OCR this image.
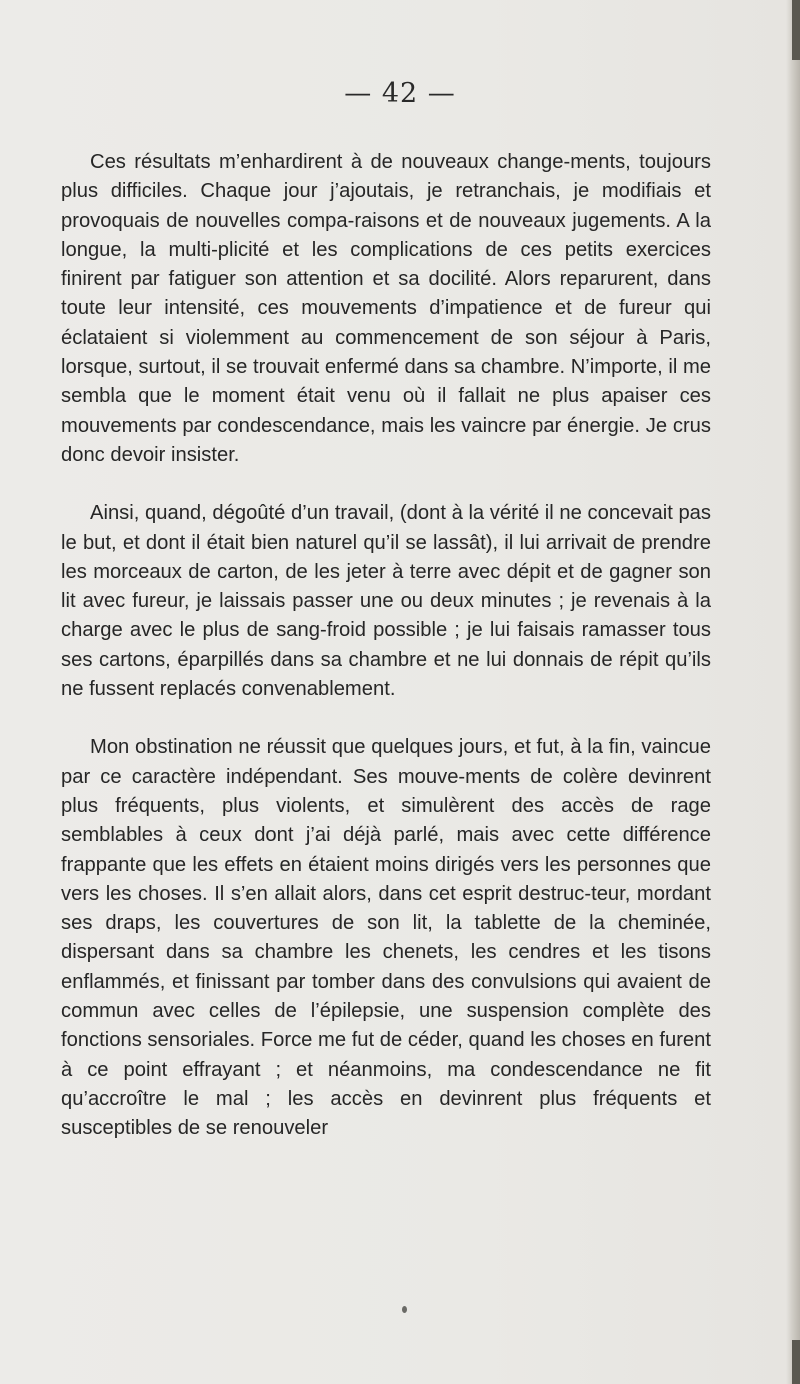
— 42 —

Ces résultats m’enhardirent à de nouveaux change-ments, toujours plus difficiles. Chaque jour j’ajoutais, je retranchais, je modifiais et provoquais de nouvelles compa-raisons et de nouveaux jugements. A la longue, la multi-plicité et les complications de ces petits exercices finirent par fatiguer son attention et sa docilité. Alors reparurent, dans toute leur intensité, ces mouvements d’impatience et de fureur qui éclataient si violemment au commencement de son séjour à Paris, lorsque, surtout, il se trouvait enfermé dans sa chambre. N’importe, il me sembla que le moment était venu où il fallait ne plus apaiser ces mouvements par condescendance, mais les vaincre par énergie. Je crus donc devoir insister.

Ainsi, quand, dégoûté d’un travail, (dont à la vérité il ne concevait pas le but, et dont il était bien naturel qu’il se lassât), il lui arrivait de prendre les morceaux de carton, de les jeter à terre avec dépit et de gagner son lit avec fureur, je laissais passer une ou deux minutes ; je revenais à la charge avec le plus de sang-froid possible ; je lui faisais ramasser tous ses cartons, éparpillés dans sa chambre et ne lui donnais de répit qu’ils ne fussent replacés convenablement.

Mon obstination ne réussit que quelques jours, et fut, à la fin, vaincue par ce caractère indépendant. Ses mouve-ments de colère devinrent plus fréquents, plus violents, et simulèrent des accès de rage semblables à ceux dont j’ai déjà parlé, mais avec cette différence frappante que les effets en étaient moins dirigés vers les personnes que vers les choses. Il s’en allait alors, dans cet esprit destruc-teur, mordant ses draps, les couvertures de son lit, la tablette de la cheminée, dispersant dans sa chambre les chenets, les cendres et les tisons enflammés, et finissant par tomber dans des convulsions qui avaient de commun avec celles de l’épilepsie, une suspension complète des fonctions sensoriales. Force me fut de céder, quand les choses en furent à ce point effrayant ; et néanmoins, ma condescendance ne fit qu’accroître le mal ; les accès en devinrent plus fréquents et susceptibles de se renouveler
